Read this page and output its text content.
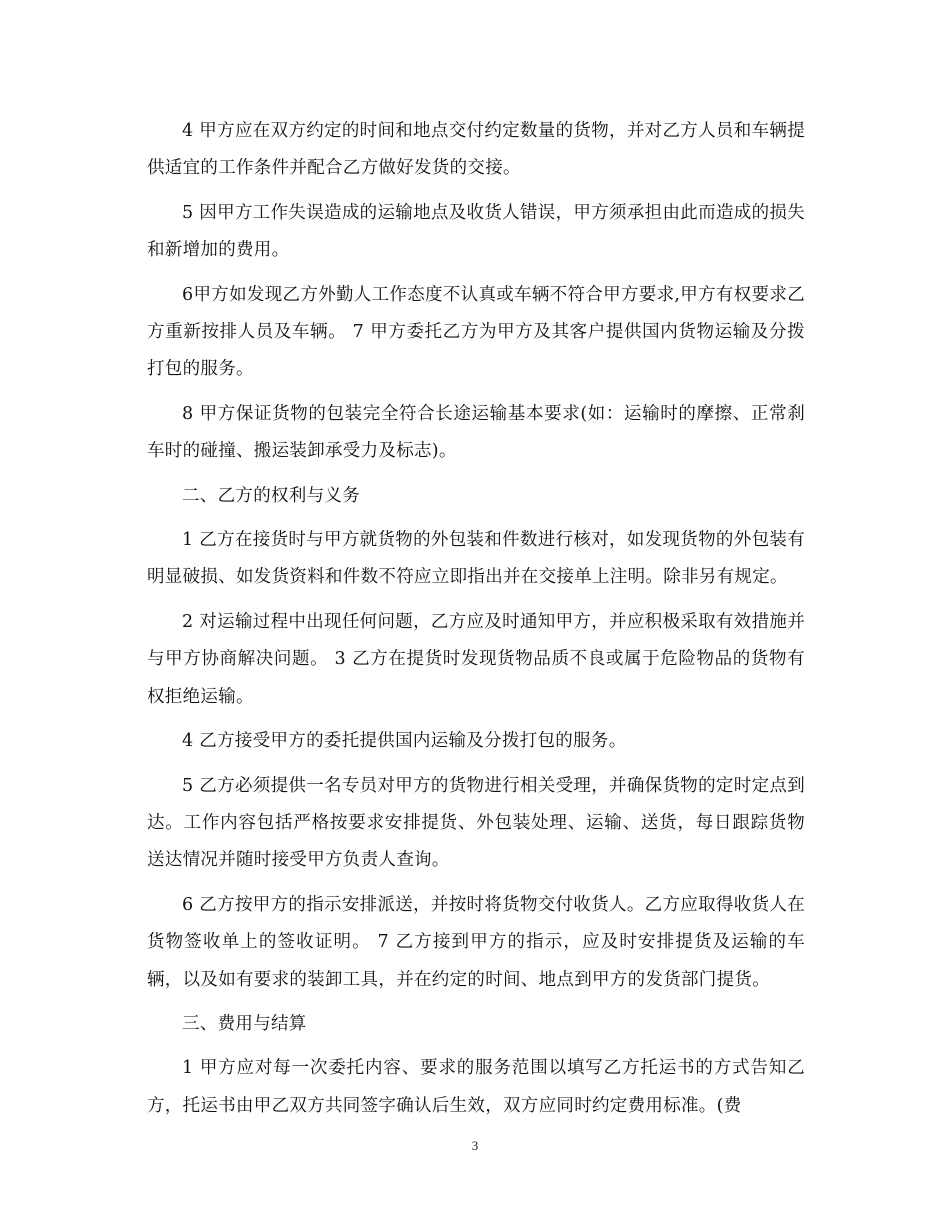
4 甲方应在双方约定的时间和地点交付约定数量的货物，并对乙方人员和车辆提供适宜的工作条件并配合乙方做好发货的交接。

5 因甲方工作失误造成的运输地点及收货人错误，甲方须承担由此而造成的损失和新增加的费用。

6甲方如发现乙方外勤人工作态度不认真或车辆不符合甲方要求,甲方有权要求乙方重新按排人员及车辆。 7 甲方委托乙方为甲方及其客户提供国内货物运输及分拨打包的服务。

8 甲方保证货物的包装完全符合长途运输基本要求(如：运输时的摩擦、正常刹车时的碰撞、搬运装卸承受力及标志)。

二、乙方的权利与义务

1 乙方在接货时与甲方就货物的外包装和件数进行核对，如发现货物的外包装有明显破损、如发货资料和件数不符应立即指出并在交接单上注明。除非另有规定。

2 对运输过程中出现任何问题，乙方应及时通知甲方，并应积极采取有效措施并与甲方协商解决问题。 3 乙方在提货时发现货物品质不良或属于危险物品的货物有权拒绝运输。

4 乙方接受甲方的委托提供国内运输及分拨打包的服务。

5 乙方必须提供一名专员对甲方的货物进行相关受理，并确保货物的定时定点到达。工作内容包括严格按要求安排提货、外包装处理、运输、送货，每日跟踪货物送达情况并随时接受甲方负责人查询。

6 乙方按甲方的指示安排派送，并按时将货物交付收货人。乙方应取得收货人在货物签收单上的签收证明。 7 乙方接到甲方的指示，应及时安排提货及运输的车辆，以及如有要求的装卸工具，并在约定的时间、地点到甲方的发货部门提货。

三、费用与结算

1 甲方应对每一次委托内容、要求的服务范围以填写乙方托运书的方式告知乙方，托运书由甲乙双方共同签字确认后生效，双方应同时约定费用标准。(费

3
